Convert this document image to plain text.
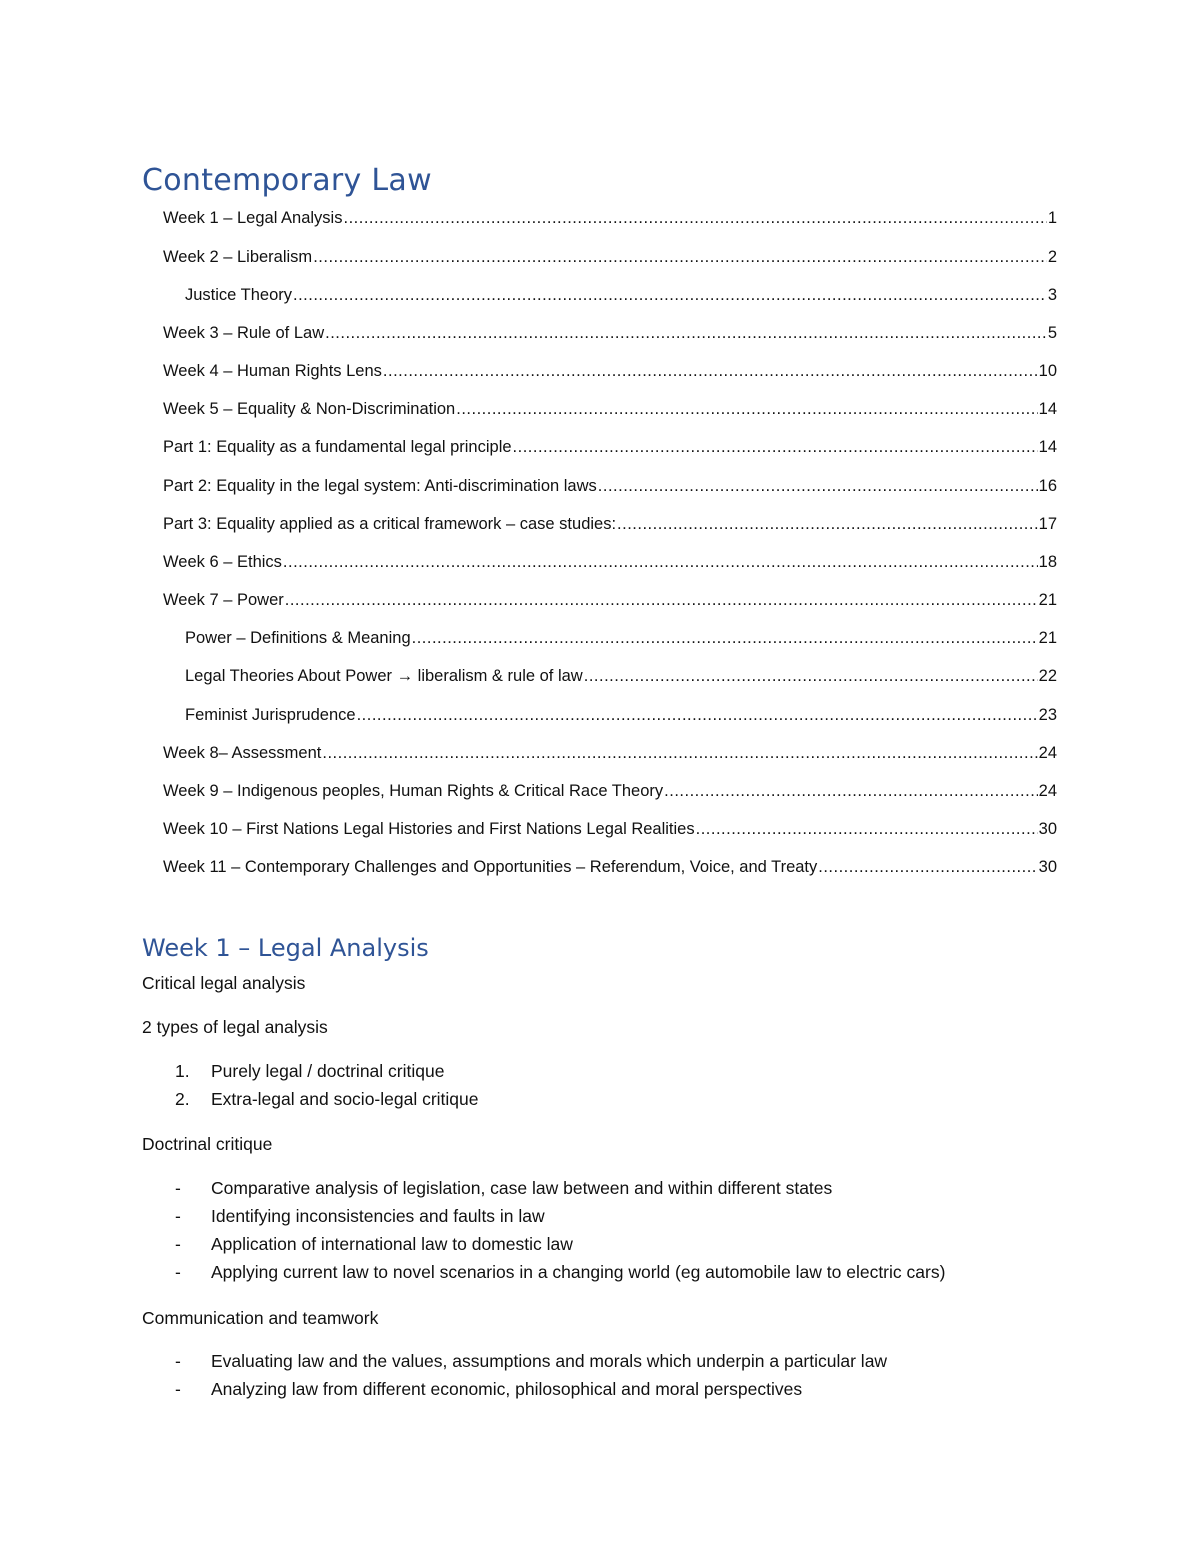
Contemporary Law
Week 1 – Legal Analysis .....	1
Week 2 – Liberalism .....	2
Justice Theory .....	3
Week 3 – Rule of Law .....	5
Week 4 – Human Rights Lens .....	10
Week 5 – Equality & Non-Discrimination .....	14
Part 1: Equality as a fundamental legal principle .....	14
Part 2: Equality in the legal system: Anti-discrimination laws .....	16
Part 3: Equality applied as a critical framework – case studies: .....	17
Week 6 – Ethics .....	18
Week 7 – Power .....	21
Power – Definitions & Meaning .....	21
Legal Theories About Power → liberalism & rule of law .....	22
Feminist Jurisprudence .....	23
Week 8– Assessment .....	24
Week 9 – Indigenous peoples, Human Rights & Critical Race Theory .....	24
Week 10 – First Nations Legal Histories and First Nations Legal Realities .....	30
Week 11 – Contemporary Challenges and Opportunities – Referendum, Voice, and Treaty .....	30
Week 1 – Legal Analysis

Critical legal analysis

2 types of legal analysis

1. Purely legal / doctrinal critique
2. Extra-legal and socio-legal critique

Doctrinal critique

- Comparative analysis of legislation, case law between and within different states
- Identifying inconsistencies and faults in law
- Application of international law to domestic law
- Applying current law to novel scenarios in a changing world (eg automobile law to electric cars)

Communication and teamwork

- Evaluating law and the values, assumptions and morals which underpin a particular law
- Analyzing law from different economic, philosophical and moral perspectives
